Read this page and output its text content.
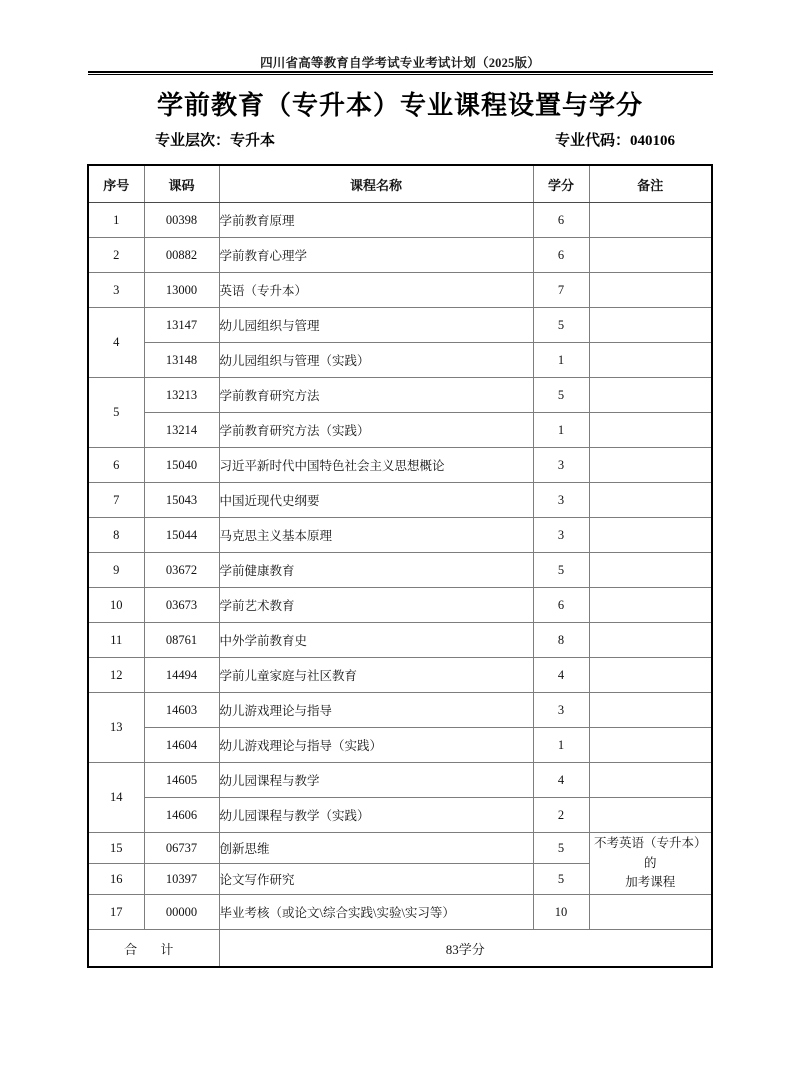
四川省高等教育自学考试专业考试计划（2025版）
学前教育（专升本）专业课程设置与学分
专业层次：专升本	专业代码：040106
序号	课码	课程名称	学分	备注
1	00398	学前教育原理	6	
2	00882	学前教育心理学	6	
3	13000	英语（专升本）	7	
4	13147	幼儿园组织与管理	5	
	13148	幼儿园组织与管理（实践）	1	
5	13213	学前教育研究方法	5	
	13214	学前教育研究方法（实践）	1	
6	15040	习近平新时代中国特色社会主义思想概论	3	
7	15043	中国近现代史纲要	3	
8	15044	马克思主义基本原理	3	
9	03672	学前健康教育	5	
10	03673	学前艺术教育	6	
11	08761	中外学前教育史	8	
12	14494	学前儿童家庭与社区教育	4	
13	14603	幼儿游戏理论与指导	3	
	14604	幼儿游戏理论与指导（实践）	1	
14	14605	幼儿园课程与教学	4	
	14606	幼儿园课程与教学（实践）	2	
15	06737	创新思维	5	不考英语（专升本）的
加考课程
16	10397	论文写作研究	5	
17	00000	毕业考核（或论文\综合实践\实验\实习等）	10	
合 计		83学分		
